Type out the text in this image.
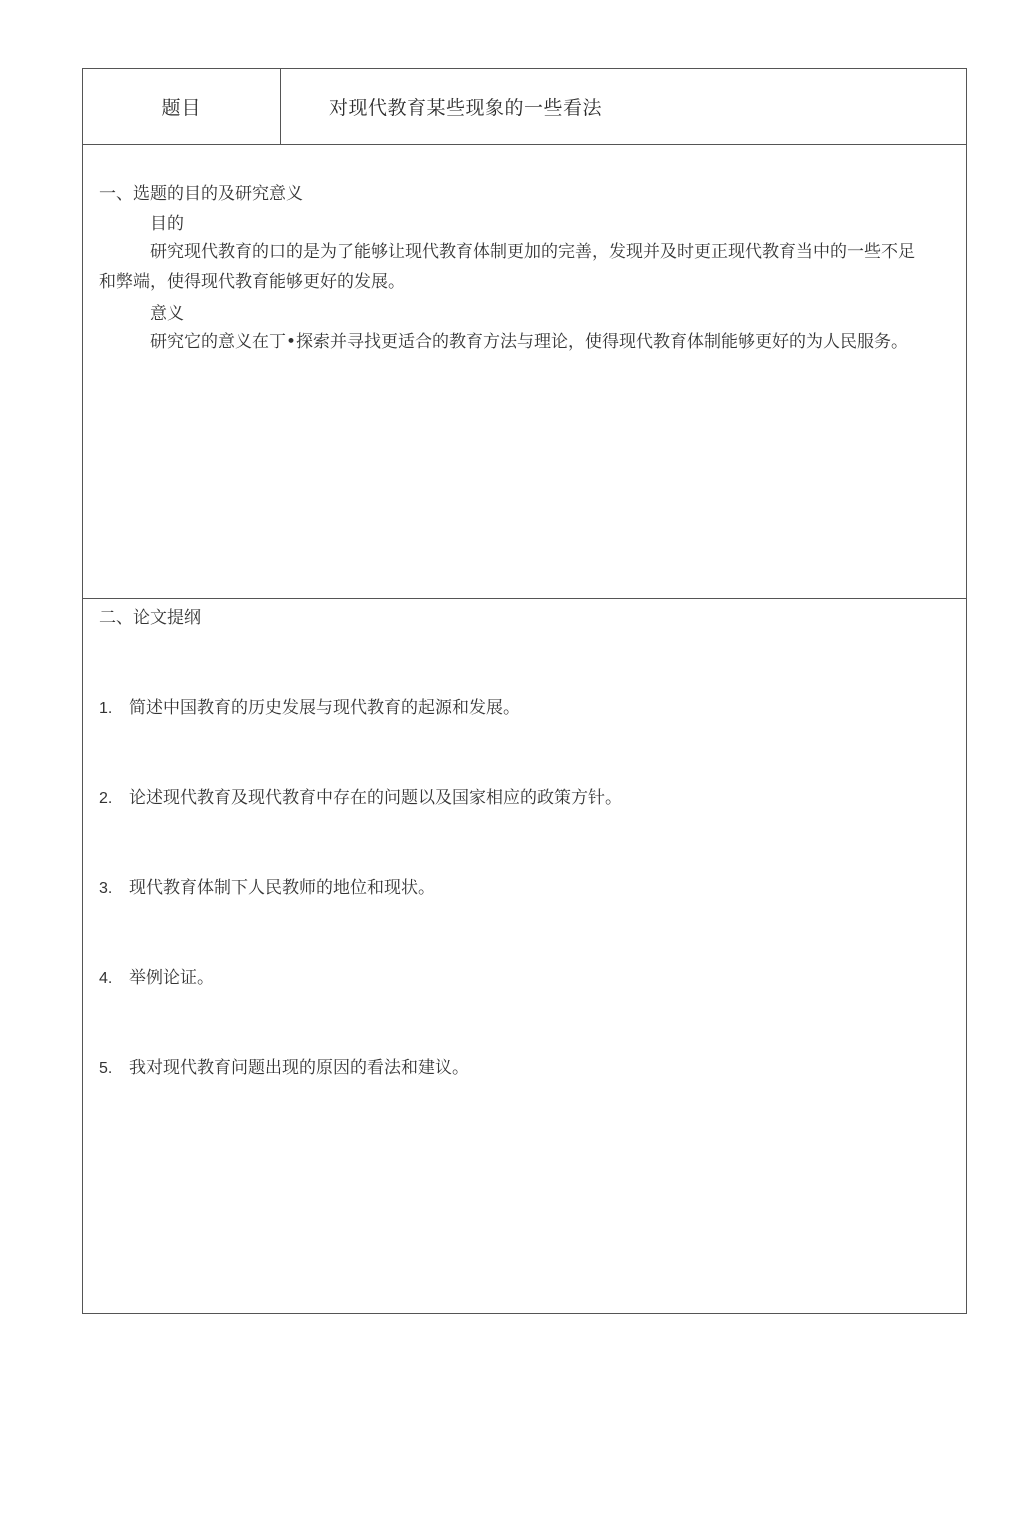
题目	对现代教育某些现象的一些看法
一、选题的目的及研究意义
目的

研究现代教育的口的是为了能够让现代教育体制更加的完善，发现并及时更正现代教育当中的一些不足和弊端，使得现代教育能够更好的发展。

意义

研究它的意义在丁•探索并寻找更适合的教育方法与理论，使得现代教育体制能够更好的为人民服务。

二、论文提纲
1. 简述中国教育的历史发展与现代教育的起源和发展。
2. 论述现代教育及现代教育中存在的问题以及国家相应的政策方针。
3. 现代教育体制下人民教师的地位和现状。
4. 举例论证。
5. 我对现代教育问题出现的原因的看法和建议。
